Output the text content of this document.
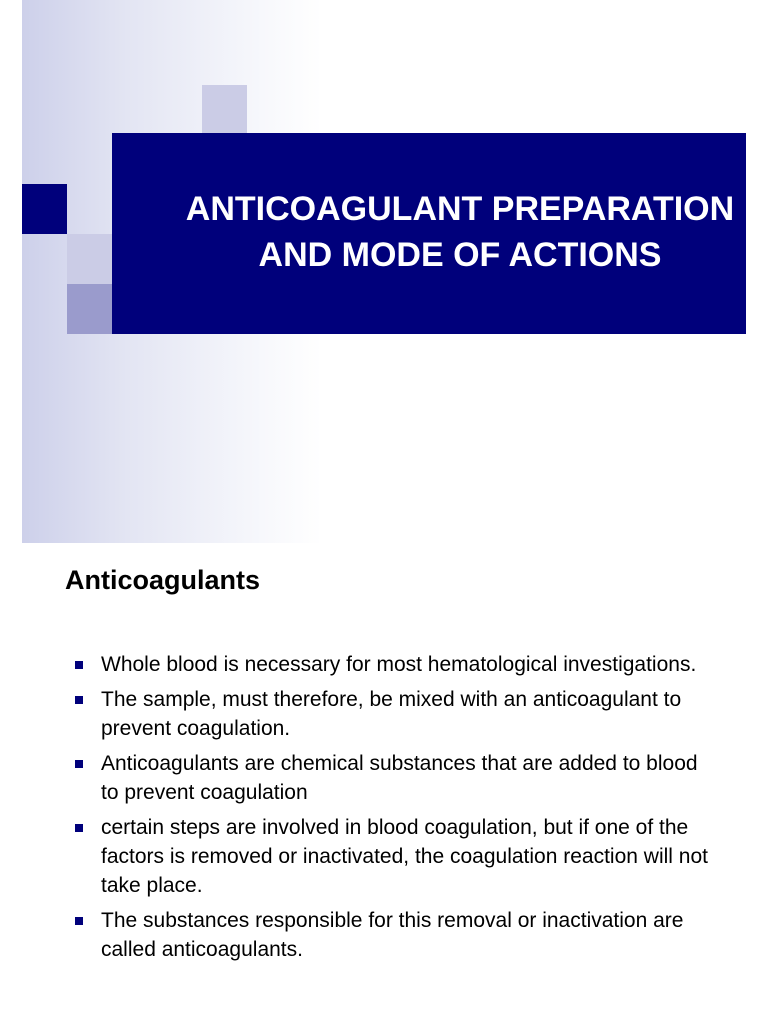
ANTICOAGULANT PREPARATION AND MODE OF ACTIONS
Anticoagulants
Whole blood is necessary for most hematological investigations.
The sample, must therefore, be mixed with an anticoagulant to prevent coagulation.
Anticoagulants are chemical substances that are added to blood to prevent coagulation
certain steps are involved in blood coagulation, but if one of the factors is removed or inactivated, the coagulation reaction will not take place.
The substances responsible for this removal or inactivation are called anticoagulants.
